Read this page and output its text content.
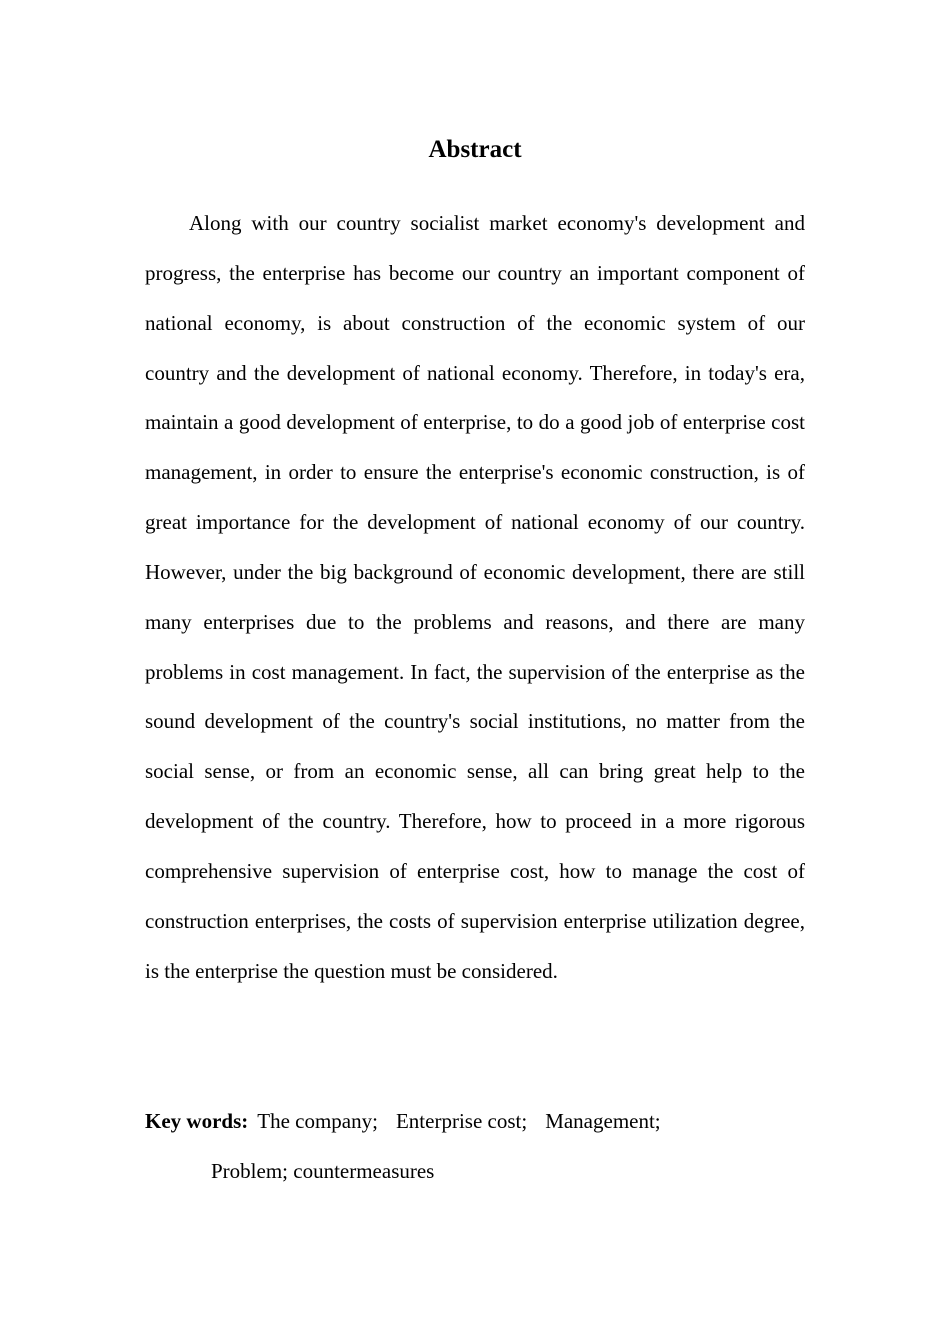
Abstract

Along with our country socialist market economy's development and progress, the enterprise has become our country an important component of national economy, is about construction of the economic system of our country and the development of national economy. Therefore, in today's era, maintain a good development of enterprise, to do a good job of enterprise cost management, in order to ensure the enterprise's economic construction, is of great importance for the development of national economy of our country. However, under the big background of economic development, there are still many enterprises due to the problems and reasons, and there are many problems in cost management. In fact, the supervision of the enterprise as the sound development of the country's social institutions, no matter from the social sense, or from an economic sense, all can bring great help to the development of the country. Therefore, how to proceed in a more rigorous comprehensive supervision of enterprise cost, how to manage the cost of construction enterprises, the costs of supervision enterprise utilization degree, is the enterprise the question must be considered.

Key words: The company; Enterprise cost; Management;
Problem; countermeasures
